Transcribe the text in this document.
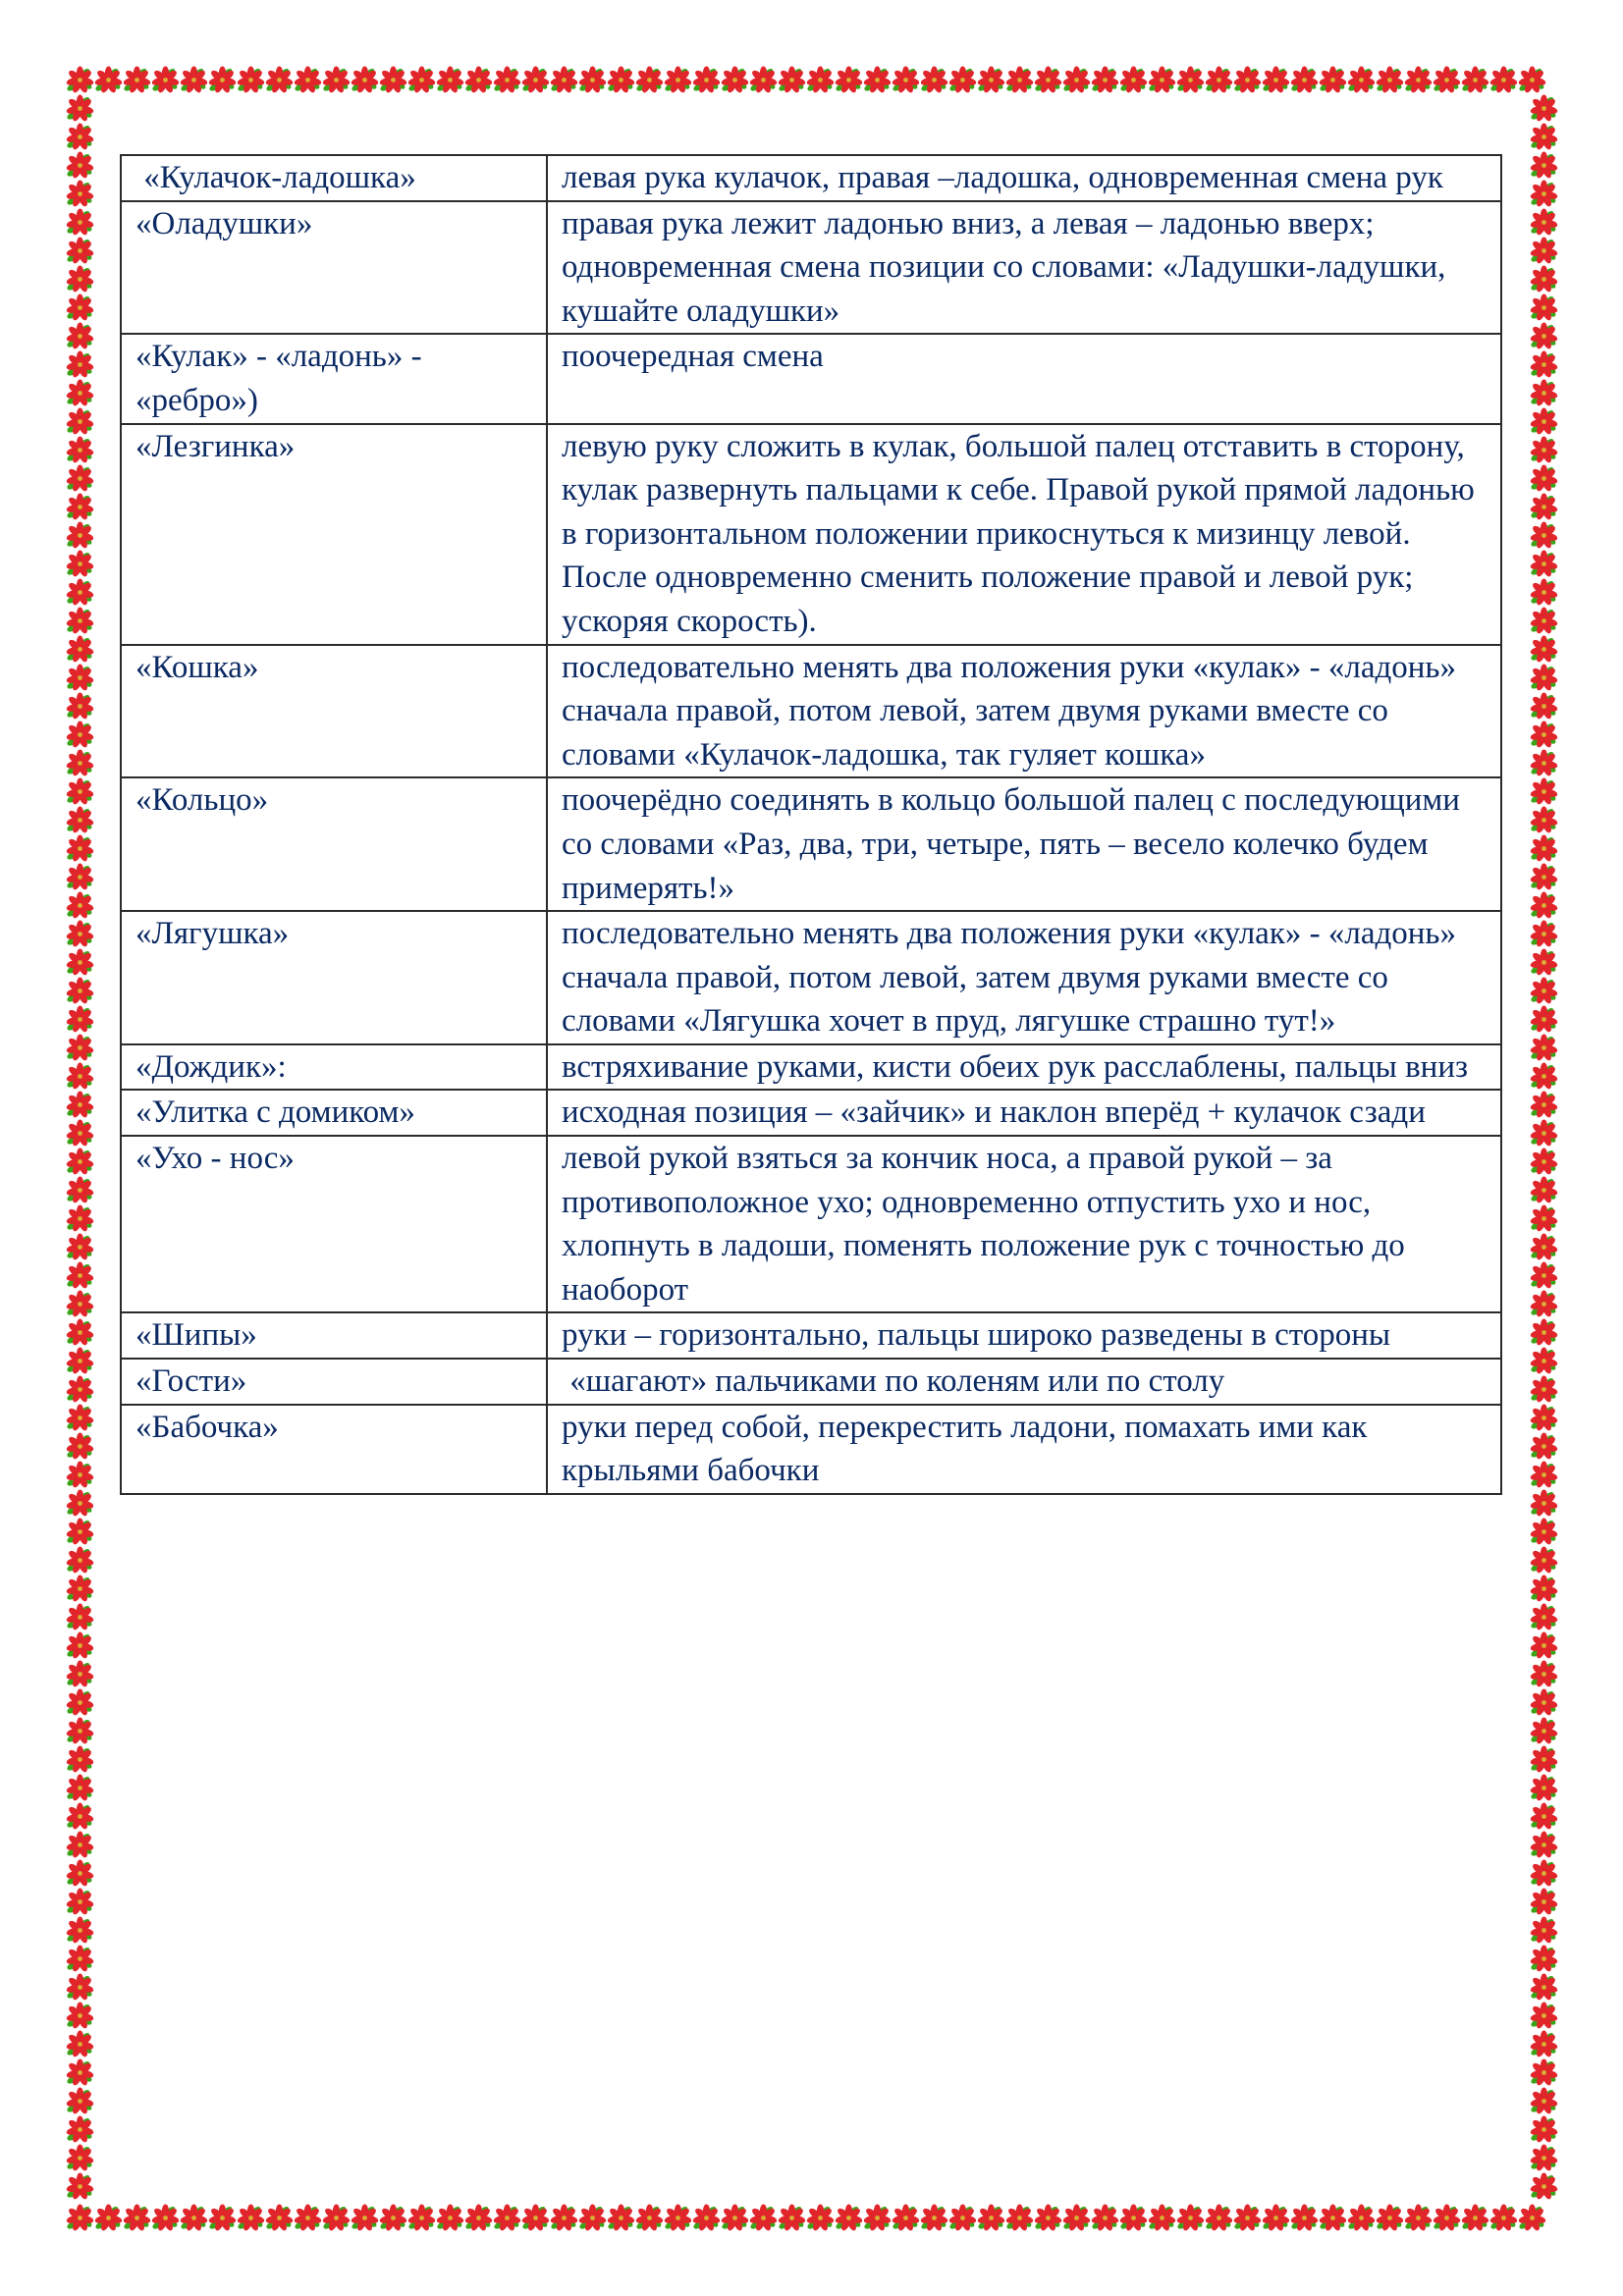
«Кулачок-ладошка»	левая рука кулачок, правая –ладошка, одновременная смена рук
«Оладушки»	правая рука лежит ладонью вниз, а левая – ладонью вверх; одновременная смена позиции со словами: «Ладушки-ладушки, кушайте оладушки»
«Кулак» - «ладонь» - «ребро»)	поочередная смена
«Лезгинка»	левую руку сложить в кулак, большой палец отставить в сторону, кулак развернуть пальцами к себе. Правой рукой прямой ладонью в горизонтальном положении прикоснуться к мизинцу левой. После одновременно сменить положение правой и левой рук; ускоряя скорость).
«Кошка»	последовательно менять два положения руки «кулак» - «ладонь» сначала правой, потом левой, затем двумя руками вместе со словами «Кулачок-ладошка, так гуляет кошка»
«Кольцо»	поочерёдно соединять в кольцо большой палец с последующими со словами «Раз, два, три, четыре, пять – весело колечко будем примерять!»
«Лягушка»	последовательно менять два положения руки «кулак» - «ладонь» сначала правой, потом левой, затем двумя руками вместе со словами «Лягушка хочет в пруд, лягушке страшно тут!»
«Дождик»:	встряхивание руками, кисти обеих рук расслаблены, пальцы вниз
«Улитка с домиком»	исходная позиция – «зайчик» и наклон вперёд + кулачок сзади
«Ухо - нос»	левой рукой взяться за кончик носа, а правой рукой – за противоположное ухо; одновременно отпустить ухо и нос, хлопнуть в ладоши, поменять положение рук с точностью до наоборот
«Шипы»	руки – горизонтально, пальцы широко разведены в стороны
«Гости»	«шагают» пальчиками по коленям или по столу
«Бабочка»	руки перед собой, перекрестить ладони, помахать ими как крыльями бабочки
